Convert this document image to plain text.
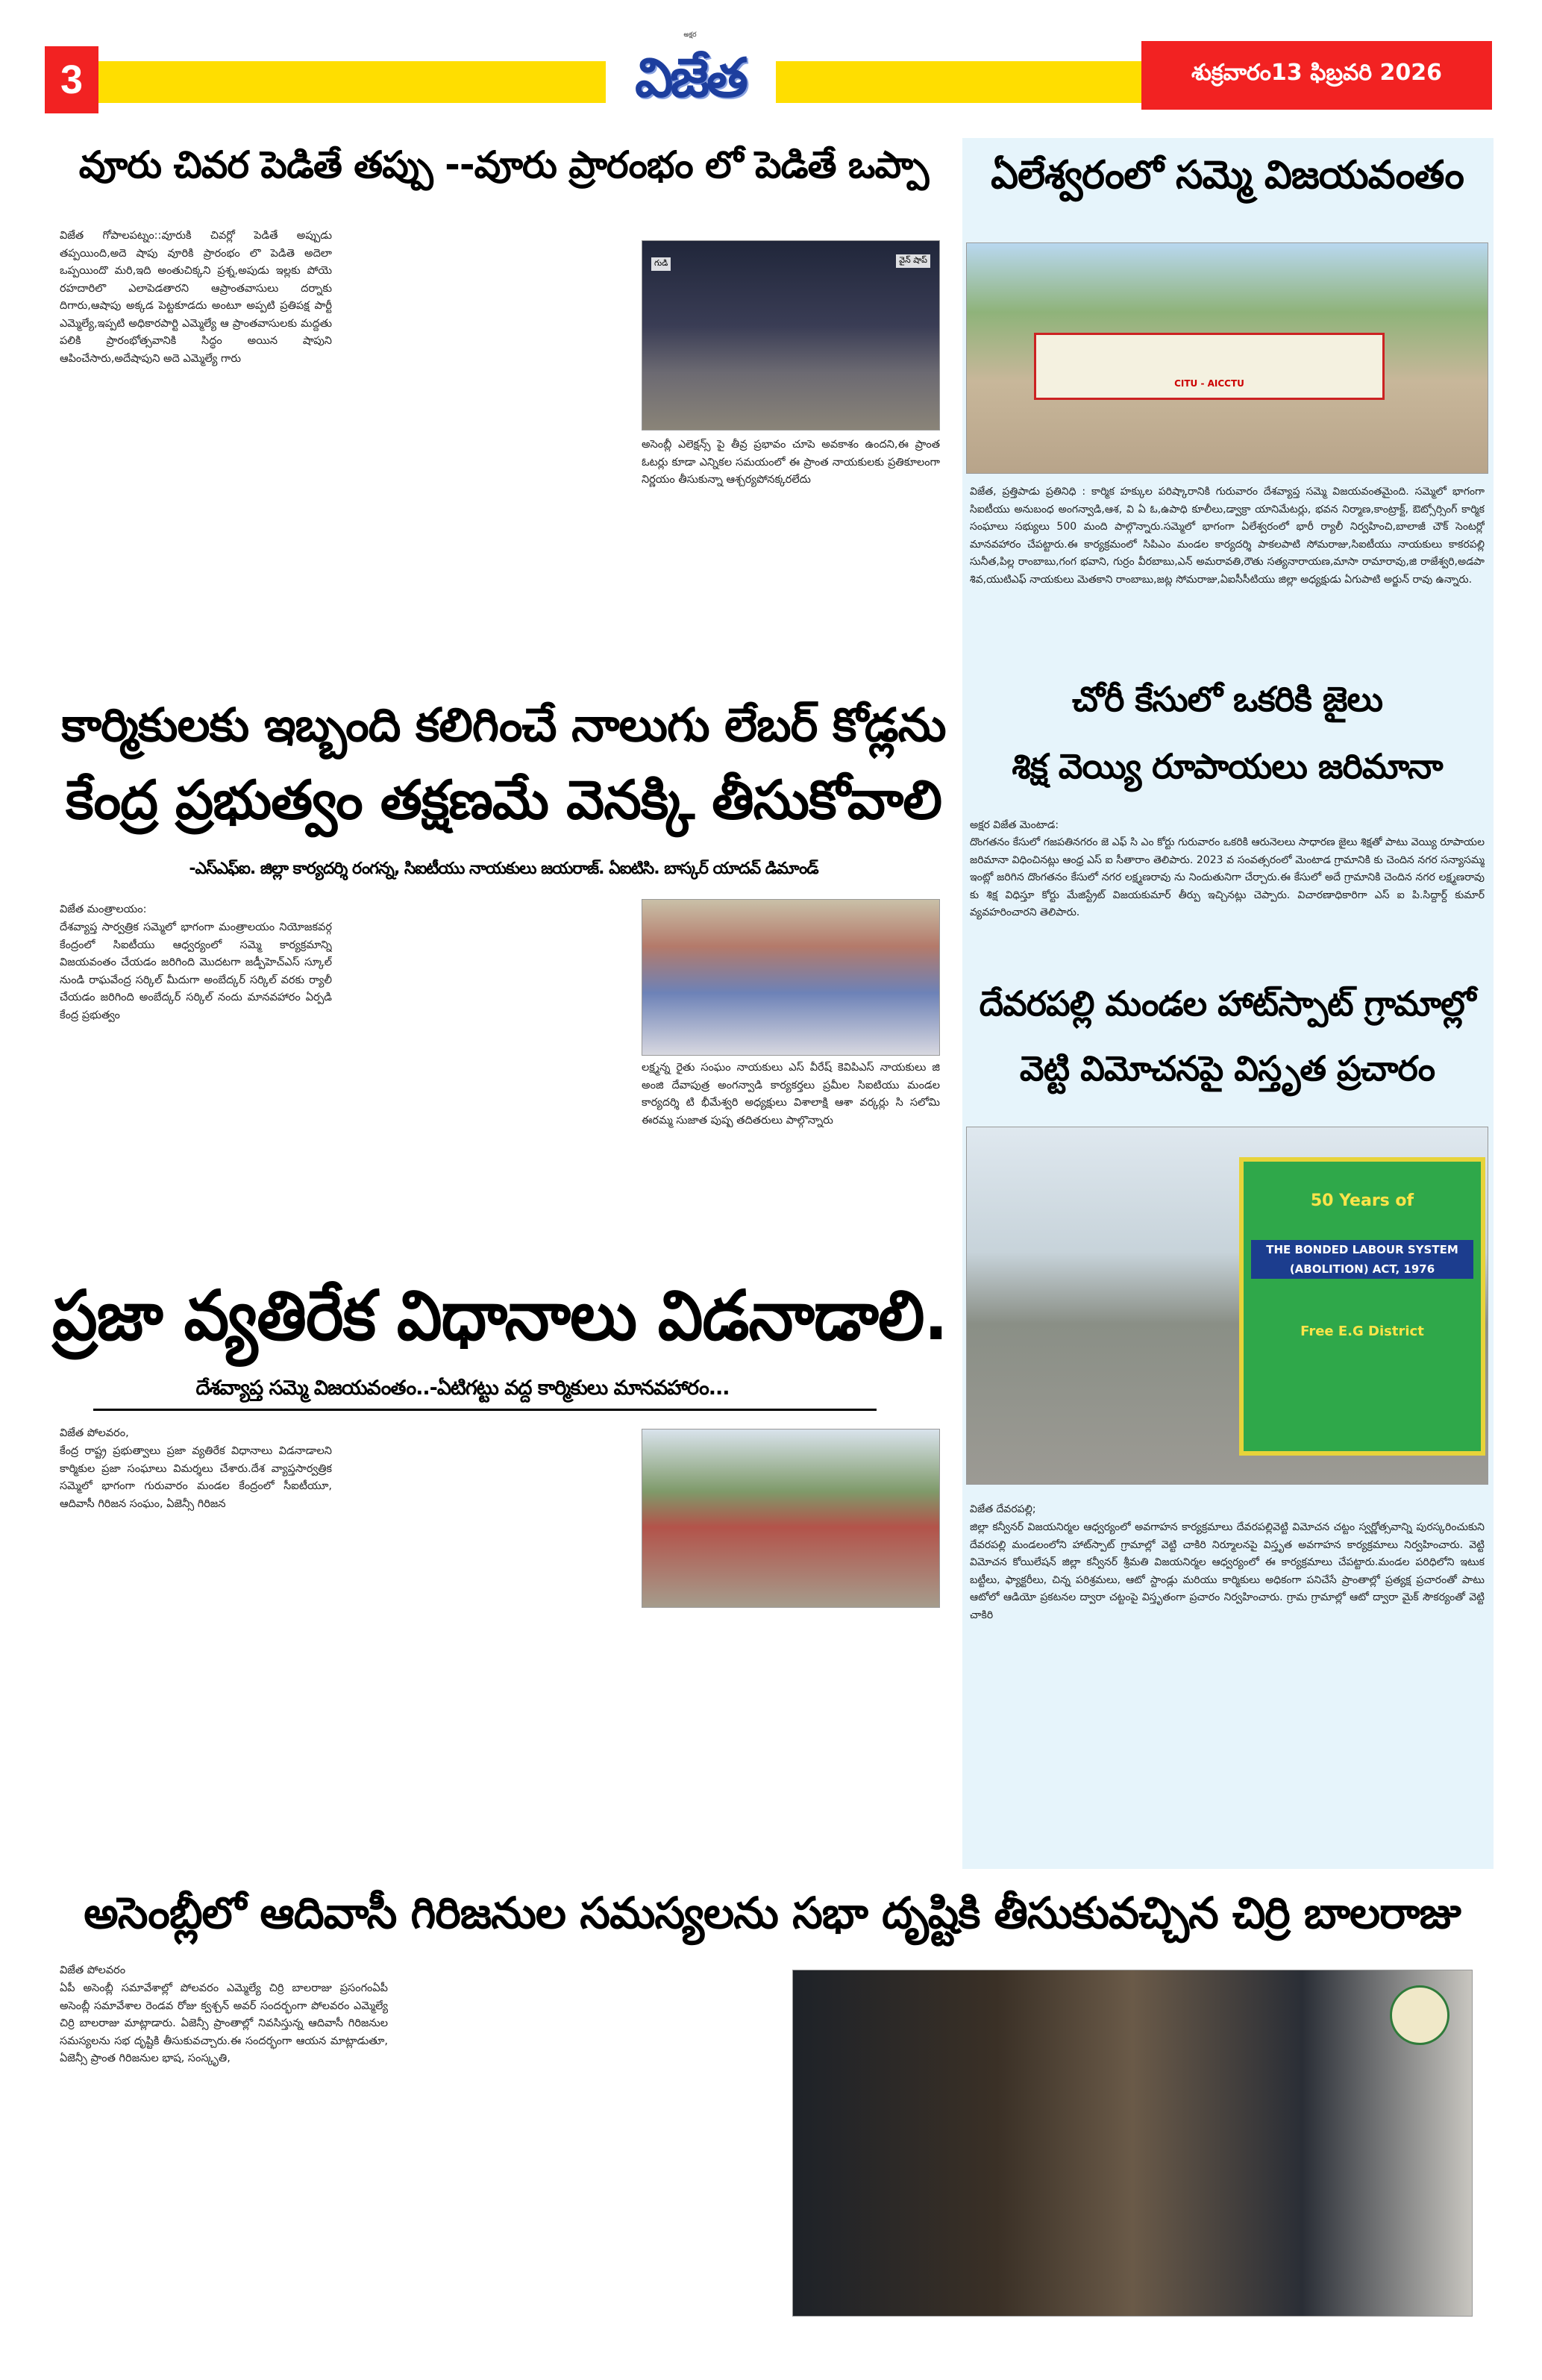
3
అక్షర
విజేత	శుక్రవారం13 ఫిబ్రవరి 2026
వూరు చివర పెడితే తప్పు --వూరు ప్రారంభం లో పెడితే ఒప్పా
విజేత గోపాలపట్నం::వూరుకి చివర్లో పెడితే అప్పుడు తప్పయింది,అదె షాపు వూరికి ప్రారంభం లొ పెడితె అదెలా ఒప్పయిందొ మరి,ఇది అంతుచిక్కని ప్రశ్న,అపుడు ఇల్లకు పోయె రహదారిలొ ఎలాపెడతారని ఆప్రాంతవాసులు దర్నాకు దిగారు,ఆషాపు అక్కడ పెట్టకూడదు అంటూ అప్పటి ప్రతిపక్ష పార్టీ ఎమ్మెల్యే,ఇప్పటి అధికారపార్టి ఎమ్మెల్యే ఆ ప్రాంతవాసులకు మద్దతు పలికి ప్రారంభోత్సవానికి సిద్ధం అయిన షాపుని ఆపించేసారు,అదేషాపుని అదె ఎమ్మెల్యే గారు
గుడి	వైన్ షాప్
అసెంబ్లీ ఎలెక్షన్స్ పై తీవ్ర ప్రభావం చూపె అవకాశం ఉందని,ఈ ప్రాంత ఓటర్లు కూడా ఎన్నికల సమయంలో ఈ ప్రాంత నాయకులకు ప్రతికూలంగా నిర్ణయం తీసుకున్నా ఆశ్చర్యపోనక్కరలేదు
ఏలేశ్వరంలో సమ్మె విజయవంతం
CITU - AICCTU
విజేత, ప్రత్తిపాడు ప్రతినిధి : కార్మిక హక్కుల పరిష్కారానికి గురువారం దేశవ్యాప్త సమ్మె విజయవంతమైంది. సమ్మెలో భాగంగా సిఐటీయు అనుబంధ అంగన్వాడి,ఆశ, వి ఏ ఓ,ఉపాధి కూలీలు,డ్వాక్రా యానిమేటర్లు, భవన నిర్మాణ,కాంట్రాక్ట్, ఔట్సోర్సింగ్ కార్మిక సంఘాలు సభ్యులు 500 మంది పాల్గొన్నారు.సమ్మెలో భాగంగా ఏలేశ్వరంలో భారీ ర్యాలీ నిర్వహించి,బాలాజీ చౌక్ సెంటర్లో మానవహారం చేపట్టారు.ఈ కార్యక్రమంలో సిపిఎం మండల కార్యదర్శి పాకలపాటి సోమరాజు,సిఐటీయు నాయకులు కాకరపల్లి సునీత,పిల్ల రాంబాబు,గంగ భవాని, గుర్రం వీరబాబు,ఎన్ అమరావతి,రౌతు సత్యనారాయణ,మాసా రామారావు,జి రాజేశ్వరి,అడపా శివ,యుటిఎఫ్ నాయకులు మెతకాని రాంబాబు,జట్ల సోమరాజు,ఏఐసీసీటియు జిల్లా అధ్యక్షుడు ఏగుపాటి అర్జున్ రావు ఉన్నారు.
చోరీ కేసులో ఒకరికి జైలు
శిక్ష వెయ్యి రూపాయలు జరిమానా
అక్షర విజేత మెంటాడ:
దొంగతనం కేసులో గజపతినగరం జె ఎఫ్ సి ఎం కోర్టు గురువారం ఒకరికి ఆరునెలలు సాధారణ జైలు శిక్షతో పాటు వెయ్యి రూపాయల జరిమానా విధించినట్లు ఆంధ్ర ఎస్ ఐ సీతారాం తెలిపారు. 2023 వ సంవత్సరంలో మెంటాడ గ్రామానికి కు చెందిన నగర సన్యాసమ్మ ఇంట్లో జరిగిన దొంగతనం కేసులో నగర లక్ష్మణరావు ను నిందుతునిగా చేర్చారు.ఈ కేసులో అదే గ్రామానికి చెందిన నగర లక్ష్మణరావు కు శిక్ష విధిస్తూ కోర్టు మేజిస్ట్రేట్ విజయకుమార్ తీర్పు ఇచ్చినట్లు చెప్పారు. విచారణాధికారిగా ఎస్ ఐ పి.సిద్దార్ద్ కుమార్ వ్యవహరించారని తెలిపారు.
దేవరపల్లి మండల హాట్‌స్పాట్ గ్రామాల్లో
వెట్టి విమోచనపై విస్తృత ప్రచారం
50 Years of
THE BONDED LABOUR SYSTEM
(ABOLITION) ACT, 1976
Free E.G District
విజేత దేవరపల్లి;
జిల్లా కన్వీనర్ విజయనిర్మల ఆధ్వర్యంలో అవగాహన కార్యక్రమాలు దేవరపల్లివెట్టి విమోచన చట్టం స్వర్ణోత్సవాన్ని పురస్కరించుకుని దేవరపల్లి మండలంలోని హాట్‌స్పాట్ గ్రామాల్లో వెట్టి చాకిరి నిర్మూలనపై విస్తృత అవగాహన కార్యక్రమాలు నిర్వహించారు. వెట్టి విమోచన కోయిలేషన్ జిల్లా కన్వీనర్ శ్రీమతి విజయనిర్మల ఆధ్వర్యంలో ఈ కార్యక్రమాలు చేపట్టారు.మండల పరిధిలోని ఇటుక బట్టీలు, ఫ్యాక్టరీలు, చిన్న పరిశ్రమలు, ఆటో స్టాండ్లు మరియు కార్మికులు అధికంగా పనిచేసే ప్రాంతాల్లో ప్రత్యక్ష ప్రచారంతో పాటు ఆటోలో ఆడియో ప్రకటనల ద్వారా చట్టంపై విస్తృతంగా ప్రచారం నిర్వహించారు. గ్రామ గ్రామాల్లో ఆటో ద్వారా మైక్ సౌకర్యంతో వెట్టి చాకిరి
కార్మికులకు ఇబ్బంది కలిగించే నాలుగు లేబర్ కోడ్లను
కేంద్ర ప్రభుత్వం తక్షణమే వెనక్కి తీసుకోవాలి
-ఎస్ఎఫ్ఐ. జిల్లా కార్యదర్శి రంగన్న, సిఐటీయు నాయకులు జయరాజ్. ఏఐటిసి. బాస్కర్ యాదవ్ డిమాండ్
విజేత మంత్రాలయం:
దేశవ్యాప్త సార్వత్రిక సమ్మెలో భాగంగా మంత్రాలయం నియోజకవర్గ కేంద్రంలో సిఐటీయు ఆధ్వర్యంలో సమ్మె కార్యక్రమాన్ని విజయవంతం చేయడం జరిగింది మొదటగా జడ్పీహెచ్ఎస్ స్కూల్ నుండి రాఘవేంద్ర సర్కిల్ మీదుగా అంబేద్కర్ సర్కిల్ వరకు ర్యాలీ చేయడం జరిగింది అంబేద్కర్ సర్కిల్ నందు మానవహారం ఏర్పడి కేంద్ర ప్రభుత్వం
లక్ష్మన్న రైతు సంఘం నాయకులు ఎస్ వీరేష్ కెవిపిఎస్ నాయకులు జి అంజి దేవాపుత్ర అంగన్వాడి కార్యకర్తలు ప్రమీల సిఐటియు మండల కార్యదర్శి టి భీమేశ్వరి అధ్యక్షులు విశాలాక్షి ఆశా వర్కర్లు సి సలోమి ఈరమ్మ సుజాత పుష్ప తదితరులు పాల్గొన్నారు
ప్రజా వ్యతిరేక విధానాలు విడనాడాలి.
దేశవ్యాప్త సమ్మె విజయవంతం..-ఏటిగట్టు వద్ద కార్మికులు మానవహారం...
విజేత పోలవరం,
కేంద్ర రాష్ట్ర ప్రభుత్వాలు ప్రజా వ్యతిరేక విధానాలు విడనాడాలని కార్మికుల ప్రజా సంఘాలు విమర్శలు చేశారు.దేశ వ్యాప్తసార్వత్రిక సమ్మెలో భాగంగా గురువారం మండల కేంద్రంలో సీఐటీయూ, ఆదివాసీ గిరిజన సంఘం, ఏజెన్సీ గిరిజన
అసెంబ్లీలో ఆదివాసీ గిరిజనుల సమస్యలను సభా దృష్టికి తీసుకువచ్చిన చిర్రి బాలరాజు
విజేత పోలవరం
ఏపీ అసెంబ్లీ సమావేశాల్లో పోలవరం ఎమ్మెల్యే చిర్రి బాలరాజు ప్రసంగంఏపీ అసెంబ్లీ సమావేశాల రెండవ రోజు క్వశ్చన్ అవర్ సందర్భంగా పోలవరం ఎమ్మెల్యే చిర్రి బాలరాజు మాట్లాడారు. ఏజెన్సీ ప్రాంతాల్లో నివసిస్తున్న ఆదివాసీ గిరిజనుల సమస్యలను సభ దృష్టికి తీసుకువచ్చారు.ఈ సందర్భంగా ఆయన మాట్లాడుతూ, ఏజెన్సీ ప్రాంత గిరిజనుల భాష, సంస్కృతి,
